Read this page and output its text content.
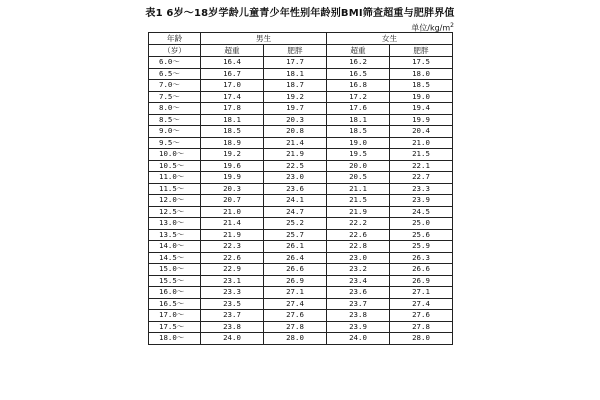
表1 6岁～18岁学龄儿童青少年性别年龄别BMI筛查超重与肥胖界值
单位$/kg/m^2$
年龄	男生		女生	
（岁）	超重	肥胖	超重	肥胖
6.0～	16.4	17.7	16.2	17.5
6.5～	16.7	18.1	16.5	18.0
7.0～	17.0	18.7	16.8	18.5
7.5～	17.4	19.2	17.2	19.0
8.0～	17.8	19.7	17.6	19.4
8.5～	18.1	20.3	18.1	19.9
9.0～	18.5	20.8	18.5	20.4
9.5～	18.9	21.4	19.0	21.0
10.0～	19.2	21.9	19.5	21.5
10.5～	19.6	22.5	20.0	22.1
11.0～	19.9	23.0	20.5	22.7
11.5～	20.3	23.6	21.1	23.3
12.0～	20.7	24.1	21.5	23.9
12.5～	21.0	24.7	21.9	24.5
13.0～	21.4	25.2	22.2	25.0
13.5～	21.9	25.7	22.6	25.6
14.0～	22.3	26.1	22.8	25.9
14.5～	22.6	26.4	23.0	26.3
15.0～	22.9	26.6	23.2	26.6
15.5～	23.1	26.9	23.4	26.9
16.0～	23.3	27.1	23.6	27.1
16.5～	23.5	27.4	23.7	27.4
17.0～	23.7	27.6	23.8	27.6
17.5～	23.8	27.8	23.9	27.8
18.0～	24.0	28.0	24.0	28.0
